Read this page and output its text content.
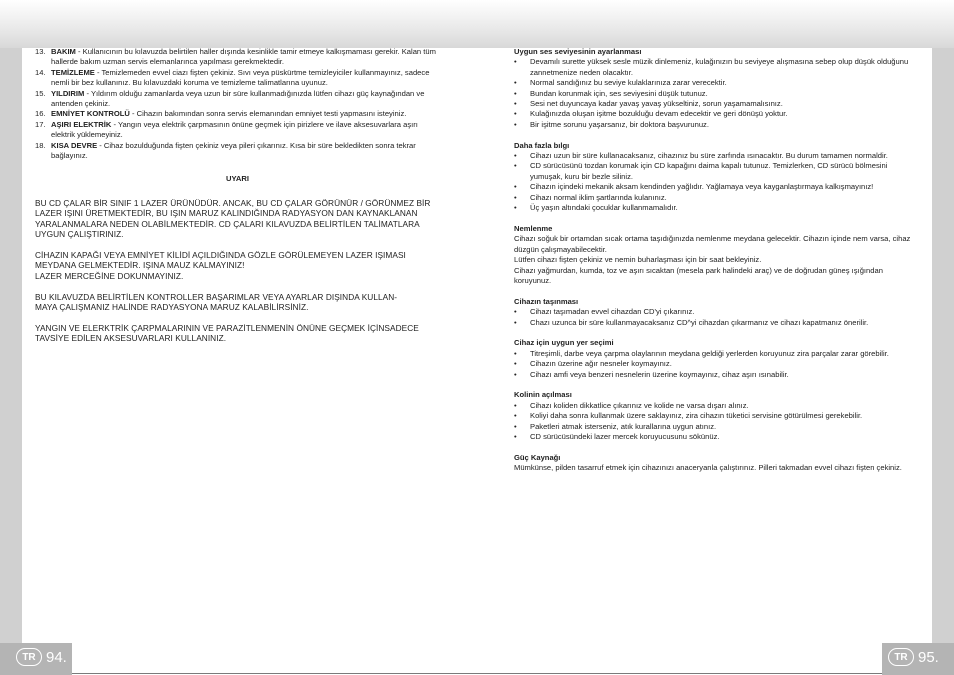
TR 94.	TR 95.
13. BAKIM - Kullanıcının bu kılavuzda belirtilen haller dışında kesinlikle tamir etmeye kalkışmaması gerekir. Kalan tüm hallerde bakım uzman servis elemanlarınca yapılması gerekmektedir.
14. TEMİZLEME - Temizlemeden evvel ciazı fişten çekiniz. Sıvı veya püskürtme temizleyiciler kullanmayınız, sadece nemli bir bez kullanınız. Bu kılavuzdaki koruma ve temizleme talimatlarına uyunuz.
15. YILDIRIM - Yıldırım olduğu zamanlarda veya uzun bir süre kullanmadığınızda lütfen cihazı güç kaynağından ve antenden çekiniz.
16. EMNİYET KONTROLÜ - Cihazın bakımından sonra servis elemanından emniyet testi yapmasını isteyiniz.
17. AŞIRI ELEKTRİK - Yangın veya elektrik çarpmasının önüne geçmek için pirizlere ve ilave aksesuvarlara aşırı elektrik yüklemeyiniz.
18. KISA DEVRE - Cihaz bozulduğunda fişten çekiniz veya pileri çıkarınız. Kısa bir süre bekledikten sonra tekrar bağlayınız.
UYARI
BU CD ÇALAR BİR SINIF 1 LAZER ÜRÜNÜDÜR. ANCAK, BU CD ÇALAR GÖRÜNÜR / GÖRÜNMEZ BİR LAZER IŞINI ÜRETMEKTEDİR, BU IŞIN MARUZ KALINDIĞINDA RADYASYON DAN KAYNAKLANAN YARALANMALARA NEDEN OLABİLMEKTEDİR. CD ÇALARI KILAVUZDA BELİRTİLEN TALİMATLARA UYGUN ÇALIŞTIRINIZ.
CİHAZIN KAPAĞI VEYA EMNİYET KİLİDİ AÇILDIĞINDA GÖZLE GÖRÜLEMEYEN LAZER IŞIMASI MEYDANA GELMEKTEDİR. IŞINA MAUZ KALMAYINIZ!
LAZER MERCEĞİNE DOKUNMAYINIZ.
BU KILAVUZDA BELİRTİLEN KONTROLLER BAŞARIMLAR VEYA AYARLAR DIŞINDA KULLAN-
MAYA ÇALIŞMANIZ HALİNDE RADYASYONA MARUZ KALABİLİRSİNİZ.
YANGIN VE ELERKTRİK ÇARPMALARININ VE PARAZİTLENMENİN ÖNÜNE GEÇMEK İÇİNSADECE TAVSİYE EDİLEN AKSESUVARLARI KULLANINIZ.
Uygun ses seviyesinin ayarlanması
•	Devamılı surette yüksek sesle müzik dinlemeniz, kulağınızın bu seviyeye alışmasına sebep olup düşük olduğunu zannetmenize neden olacaktır.
•	Normal sandığınız bu seviye kulaklarınıza zarar verecektir.
•	Bundan korunmak için, ses seviyesini düşük tutunuz.
•	Sesi net duyuncaya kadar yavaş yavaş yükseltiniz, sorun yaşamamalısınız.
•	Kulağınızda oluşan işitme bozukluğu devam edecektir ve geri dönüşü yoktur.
•	Bir işitme sorunu yaşarsanız, bir doktora başvurunuz.
Daha fazla bılgı
•	Cihazı uzun bir süre kullanacaksanız, cihazınız bu süre zarfında ısınacaktır. Bu durum tamamen normaldir.
•	CD sürücüsünü tozdan korumak için CD kapağını daima kapalı tutunuz. Temizlerken, CD sürücü bölmesini yumuşak, kuru bir bezle siliniz.
•	Cihazın içindeki mekanik aksam kendinden yağlıdır. Yağlamaya veya kayganlaştırmaya kalkışmayınız!
•	Cihazı normal iklim şartlarında kulanınız.
•	Üç yaşın altındaki çocuklar kullanmamalıdır.
Nemlenme
Cihazı soğuk bir ortamdan sıcak ortama taşıdığınızda nemlenme meydana gelecektir. Cihazın içinde nem varsa, cihaz düzgün çalışmayabilecektir.
Lütfen cihazı fişten çekiniz ve nemin buharlaşması için bir saat bekleyiniz.
Cihazı yağmurdan, kumda, toz ve aşırı sıcaktan (mesela park halindeki araç) ve de doğrudan güneş ışığından koruyunuz.
Cihazın taşınması
•	Cihazı taşımadan evvel cihazdan CD'yi çıkarınız.
•	Chazı uzunca bir süre kullanmayacaksanız CD^yi cihazdan çıkarmanız ve cihazı kapatmanız önerilir.
Cihaz için uygun yer seçimi
•	Titreşimli, darbe veya çarpma olaylarının meydana geldiği yerlerden koruyunuz zira parçalar zarar görebilir.
•	Cihazın üzerine ağır nesneler koymayınız.
•	Cihazı amfi veya benzeri nesnelerin üzerine koymayınız, cihaz aşırı ısınabilir.
Kolinin açılması
•	Cihazı koliden dikkatlice çıkarınız ve kolide ne varsa dışarı alınız.
•	Koliyi daha sonra kullanmak üzere saklayınız, zira cihazın tüketici servisine götürülmesi gerekebilir.
•	Paketleri atmak isterseniz, atık kurallarına uygun atınız.
•	CD sürücüsündeki lazer mercek koruyucusunu sökünüz.
Güç Kaynağı
Mümkünse, pilden tasarruf etmek için cihazınızı anaceryanla çalıştırınız. Pilleri takmadan evvel cihazı fişten çekiniz.
